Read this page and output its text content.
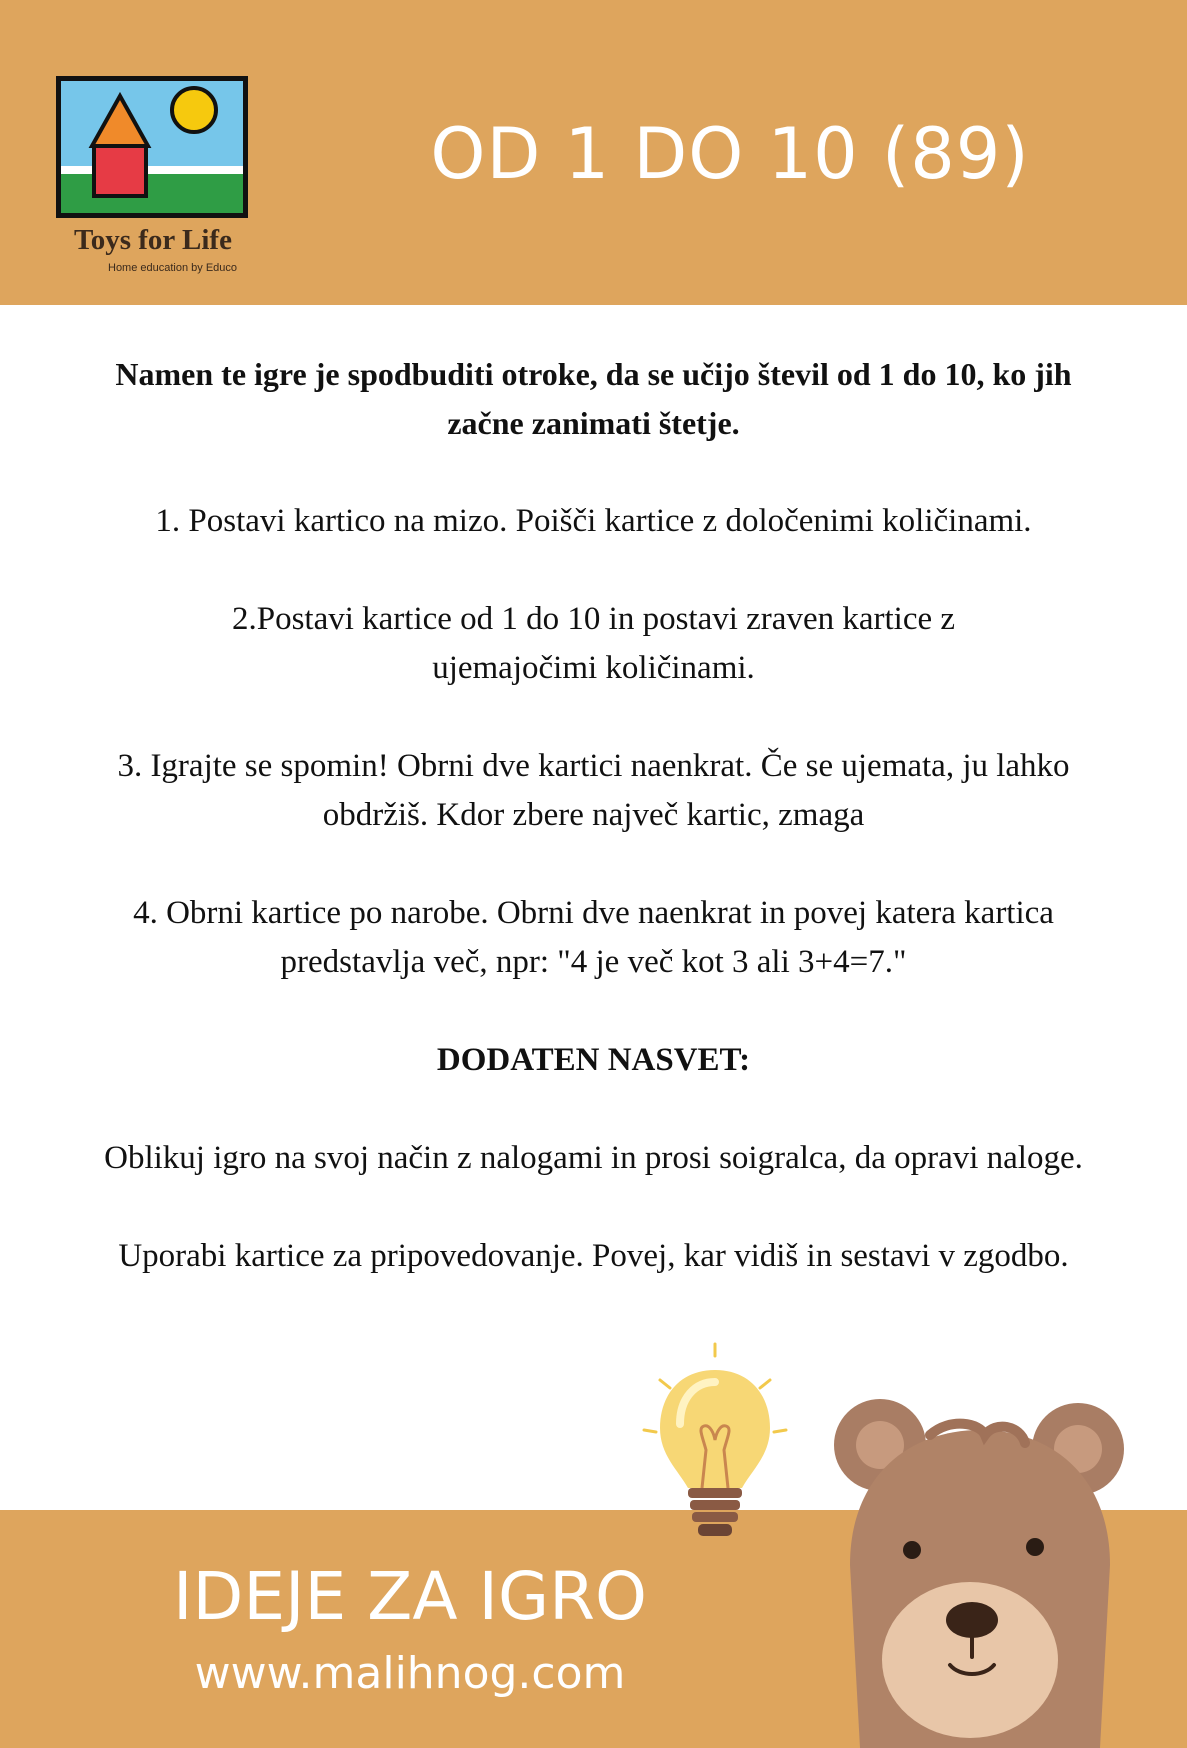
Toys for Life
Home education by Educo
OD 1 DO 10 (89)

Namen te igre je spodbuditi otroke, da se učijo števil od 1 do 10, ko jih začne zanimati štetje.

1. Postavi kartico na mizo. Poišči kartice z določenimi količinami.

2.Postavi kartice od 1 do 10 in postavi zraven kartice z ujemajočimi količinami.

3. Igrajte se spomin! Obrni dve kartici naenkrat. Če se ujemata, ju lahko obdržiš. Kdor zbere največ kartic, zmaga

4. Obrni kartice po narobe. Obrni dve naenkrat in povej katera kartica predstavlja več, npr: "4 je več kot 3 ali 3+4=7."

DODATEN NASVET:

Oblikuj igro na svoj način z nalogami in prosi soigralca, da opravi naloge.

Uporabi kartice za pripovedovanje. Povej, kar vidiš in sestavi v zgodbo.

IDEJE ZA IGRO
www.malihnog.com
